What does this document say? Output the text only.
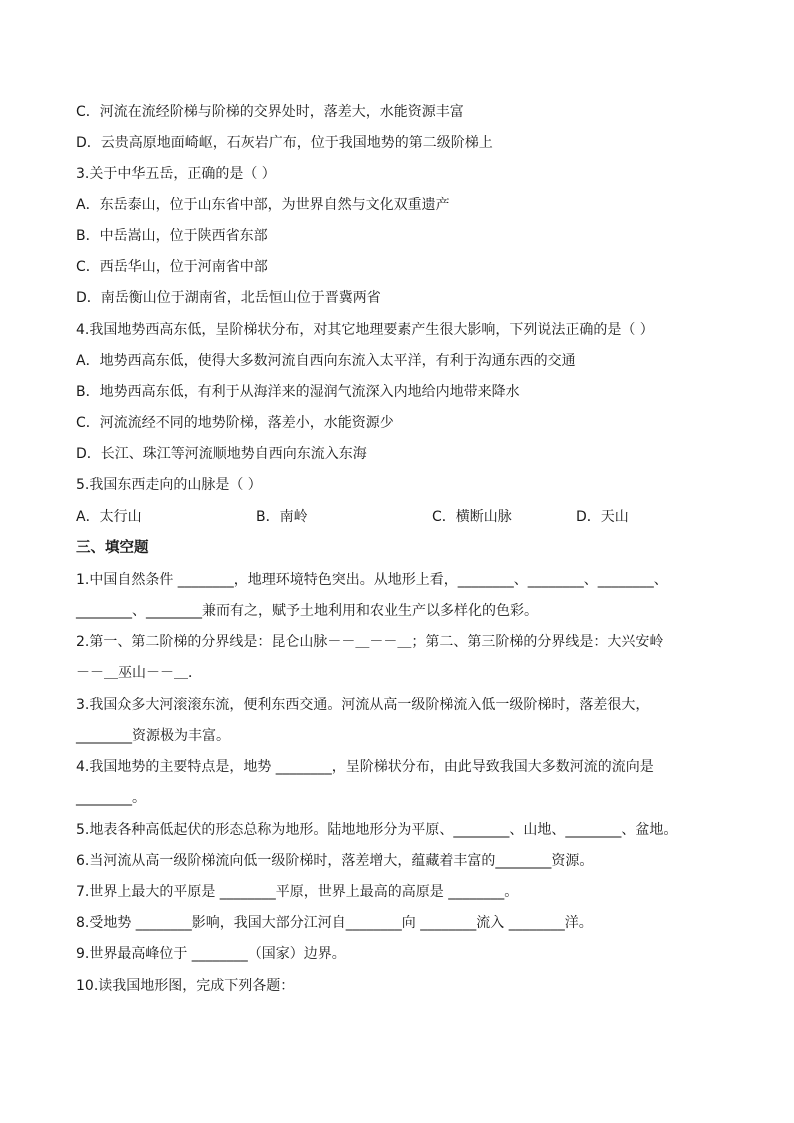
C．河流在流经阶梯与阶梯的交界处时，落差大，水能资源丰富
D．云贵高原地面崎岖，石灰岩广布，位于我国地势的第二级阶梯上
3.关于中华五岳，正确的是（ ）
A．东岳泰山，位于山东省中部，为世界自然与文化双重遗产
B．中岳嵩山，位于陕西省东部
C．西岳华山，位于河南省中部
D．南岳衡山位于湖南省，北岳恒山位于晋冀两省
4.我国地势西高东低，呈阶梯状分布，对其它地理要素产生很大影响，下列说法正确的是（ ）
A．地势西高东低，使得大多数河流自西向东流入太平洋，有利于沟通东西的交通
B．地势西高东低，有利于从海洋来的湿润气流深入内地给内地带来降水
C．河流流经不同的地势阶梯，落差小，水能资源少
D．长江、珠江等河流顺地势自西向东流入东海
5.我国东西走向的山脉是（ ）
A．太行山	B．南岭	C．横断山脉	D．天山
三、填空题
1.中国自然条件 ________，地理环境特色突出。从地形上看，________、________、________、
________、________兼而有之，赋予土地利用和农业生产以多样化的色彩。
2.第一、第二阶梯的分界线是：昆仑山脉－－＿－－＿；第二、第三阶梯的分界线是：大兴安岭
－－＿巫山－－＿．
3.我国众多大河滚滚东流，便利东西交通。河流从高一级阶梯流入低一级阶梯时，落差很大，
________资源极为丰富。
4.我国地势的主要特点是，地势 ________，呈阶梯状分布，由此导致我国大多数河流的流向是
________。
5.地表各种高低起伏的形态总称为地形。陆地地形分为平原、________、山地、________、盆地。
6.当河流从高一级阶梯流向低一级阶梯时，落差增大，蕴藏着丰富的________资源。
7.世界上最大的平原是 ________平原，世界上最高的高原是 ________。
8.受地势 ________影响，我国大部分江河自________向 ________流入 ________洋。
9.世界最高峰位于 ________（国家）边界。
10.读我国地形图，完成下列各题：
